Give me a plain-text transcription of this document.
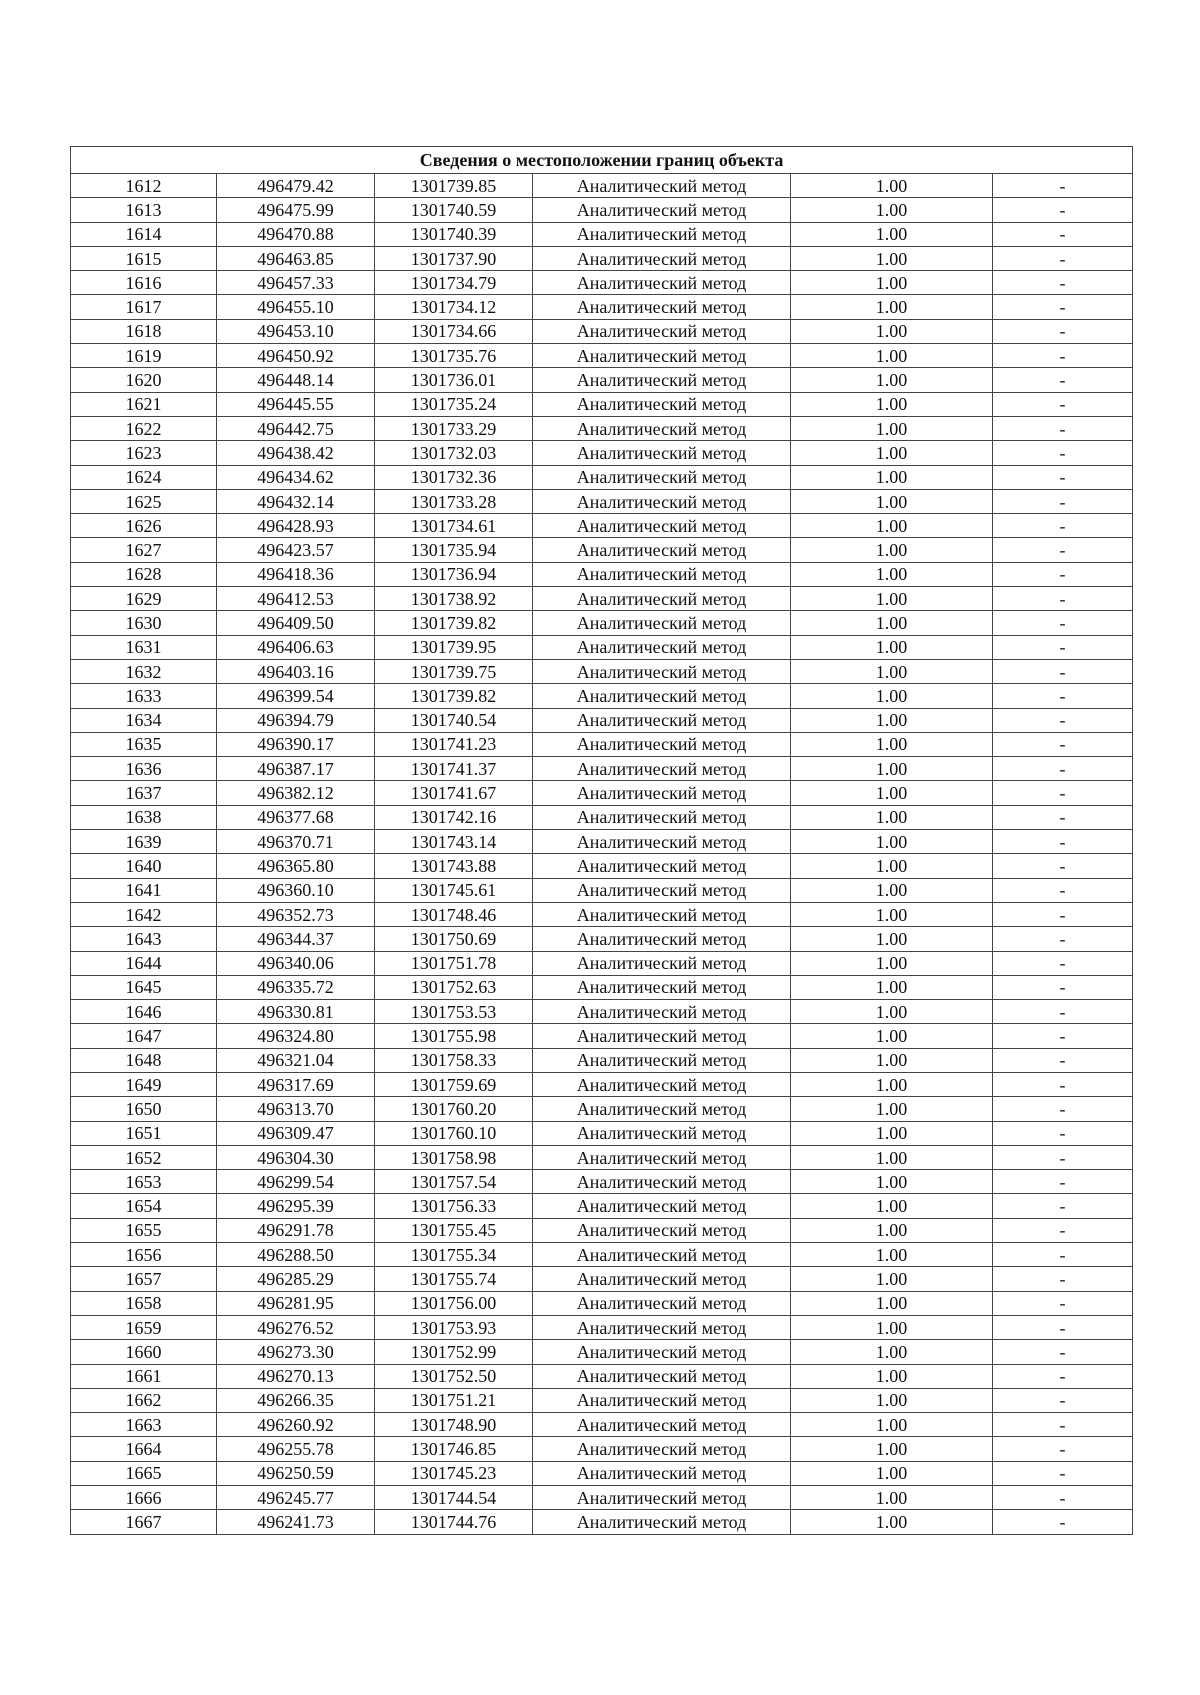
Сведения о местоположении границ объекта					
1612	496479.42	1301739.85	Аналитический метод	1.00	-
1613	496475.99	1301740.59	Аналитический метод	1.00	-
1614	496470.88	1301740.39	Аналитический метод	1.00	-
1615	496463.85	1301737.90	Аналитический метод	1.00	-
1616	496457.33	1301734.79	Аналитический метод	1.00	-
1617	496455.10	1301734.12	Аналитический метод	1.00	-
1618	496453.10	1301734.66	Аналитический метод	1.00	-
1619	496450.92	1301735.76	Аналитический метод	1.00	-
1620	496448.14	1301736.01	Аналитический метод	1.00	-
1621	496445.55	1301735.24	Аналитический метод	1.00	-
1622	496442.75	1301733.29	Аналитический метод	1.00	-
1623	496438.42	1301732.03	Аналитический метод	1.00	-
1624	496434.62	1301732.36	Аналитический метод	1.00	-
1625	496432.14	1301733.28	Аналитический метод	1.00	-
1626	496428.93	1301734.61	Аналитический метод	1.00	-
1627	496423.57	1301735.94	Аналитический метод	1.00	-
1628	496418.36	1301736.94	Аналитический метод	1.00	-
1629	496412.53	1301738.92	Аналитический метод	1.00	-
1630	496409.50	1301739.82	Аналитический метод	1.00	-
1631	496406.63	1301739.95	Аналитический метод	1.00	-
1632	496403.16	1301739.75	Аналитический метод	1.00	-
1633	496399.54	1301739.82	Аналитический метод	1.00	-
1634	496394.79	1301740.54	Аналитический метод	1.00	-
1635	496390.17	1301741.23	Аналитический метод	1.00	-
1636	496387.17	1301741.37	Аналитический метод	1.00	-
1637	496382.12	1301741.67	Аналитический метод	1.00	-
1638	496377.68	1301742.16	Аналитический метод	1.00	-
1639	496370.71	1301743.14	Аналитический метод	1.00	-
1640	496365.80	1301743.88	Аналитический метод	1.00	-
1641	496360.10	1301745.61	Аналитический метод	1.00	-
1642	496352.73	1301748.46	Аналитический метод	1.00	-
1643	496344.37	1301750.69	Аналитический метод	1.00	-
1644	496340.06	1301751.78	Аналитический метод	1.00	-
1645	496335.72	1301752.63	Аналитический метод	1.00	-
1646	496330.81	1301753.53	Аналитический метод	1.00	-
1647	496324.80	1301755.98	Аналитический метод	1.00	-
1648	496321.04	1301758.33	Аналитический метод	1.00	-
1649	496317.69	1301759.69	Аналитический метод	1.00	-
1650	496313.70	1301760.20	Аналитический метод	1.00	-
1651	496309.47	1301760.10	Аналитический метод	1.00	-
1652	496304.30	1301758.98	Аналитический метод	1.00	-
1653	496299.54	1301757.54	Аналитический метод	1.00	-
1654	496295.39	1301756.33	Аналитический метод	1.00	-
1655	496291.78	1301755.45	Аналитический метод	1.00	-
1656	496288.50	1301755.34	Аналитический метод	1.00	-
1657	496285.29	1301755.74	Аналитический метод	1.00	-
1658	496281.95	1301756.00	Аналитический метод	1.00	-
1659	496276.52	1301753.93	Аналитический метод	1.00	-
1660	496273.30	1301752.99	Аналитический метод	1.00	-
1661	496270.13	1301752.50	Аналитический метод	1.00	-
1662	496266.35	1301751.21	Аналитический метод	1.00	-
1663	496260.92	1301748.90	Аналитический метод	1.00	-
1664	496255.78	1301746.85	Аналитический метод	1.00	-
1665	496250.59	1301745.23	Аналитический метод	1.00	-
1666	496245.77	1301744.54	Аналитический метод	1.00	-
1667	496241.73	1301744.76	Аналитический метод	1.00	-
